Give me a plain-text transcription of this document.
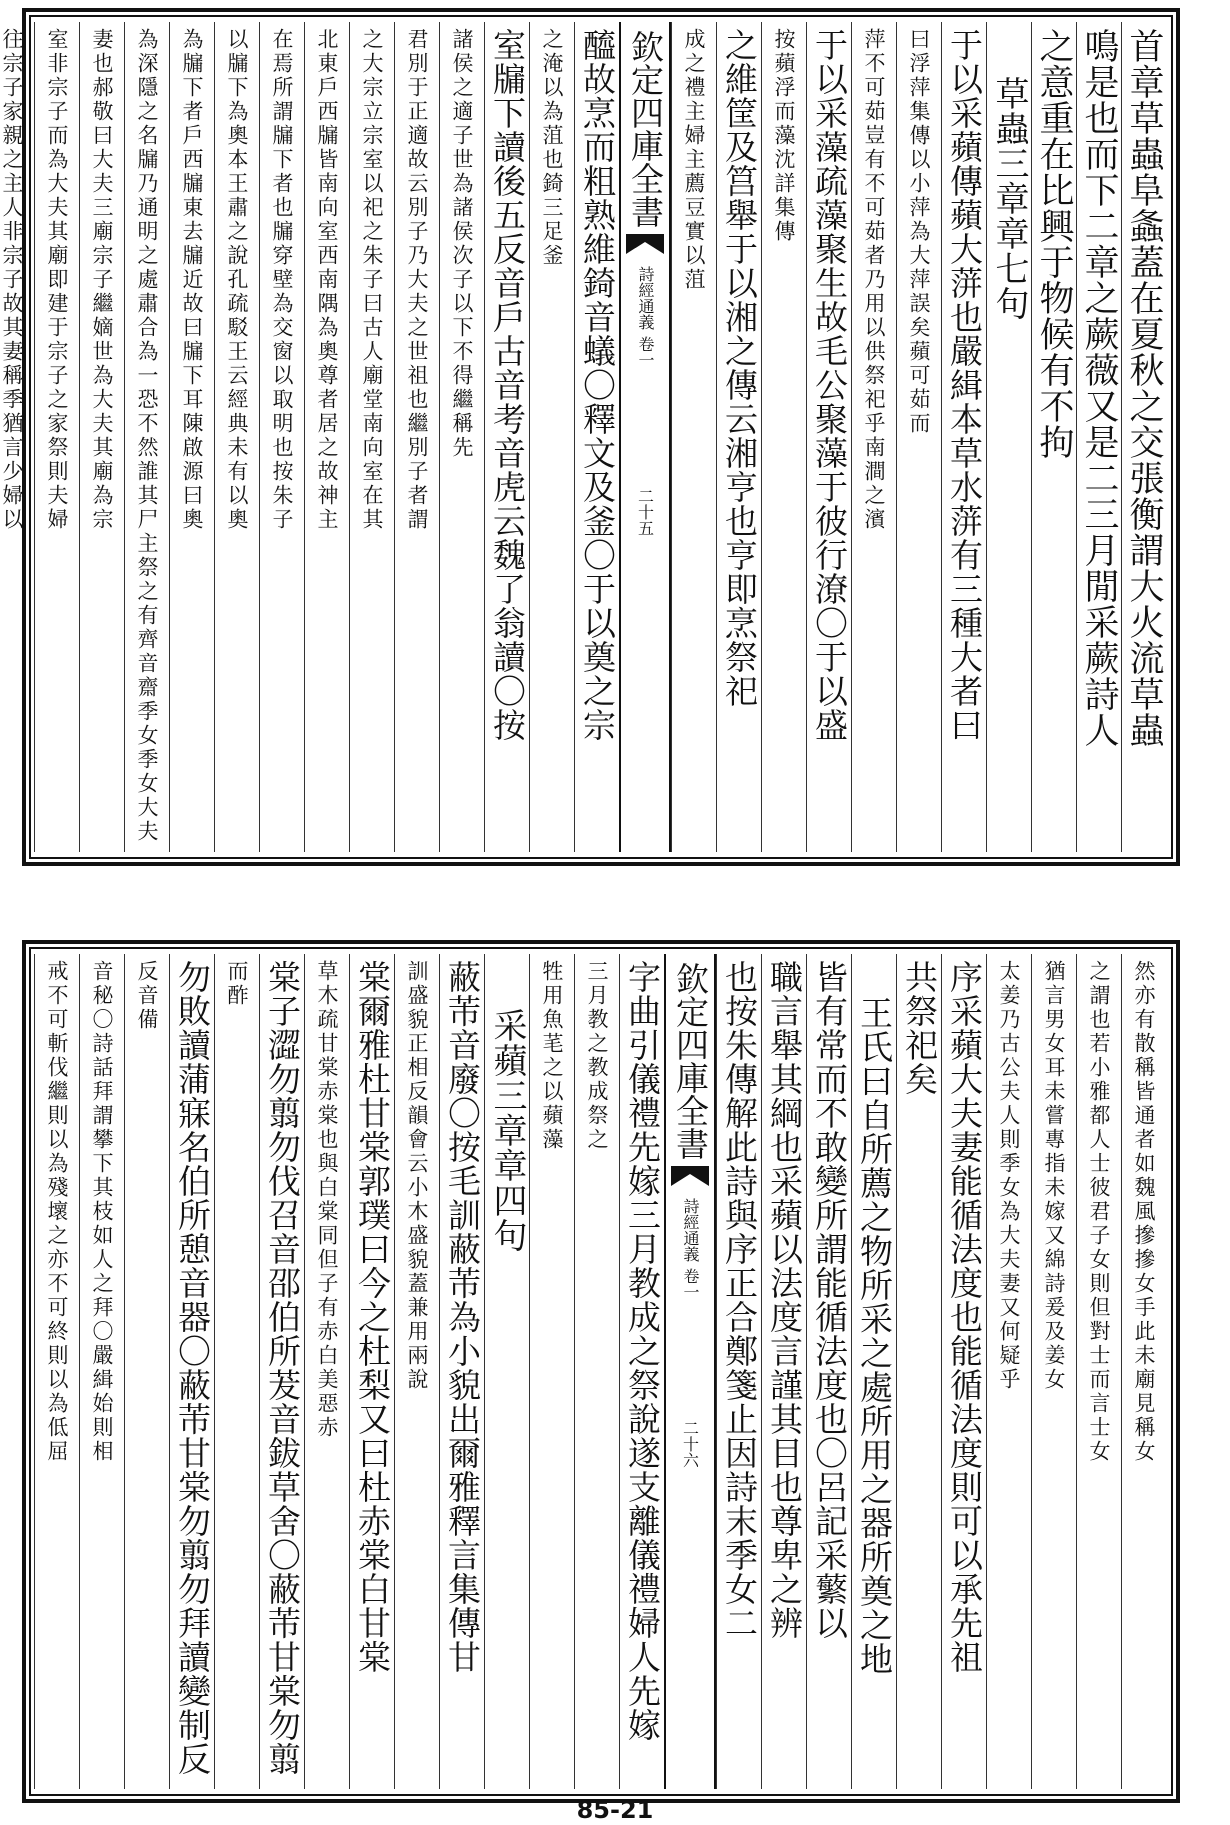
首章草蟲阜螽蓋在夏秋之交張衡謂大火流草蟲
鳴是也而下二章之蕨薇又是二三月閒采蕨詩人
之意重在比興于物候有不拘
草蟲三章章七句
于以采蘋傳蘋大蓱也嚴緝本草水蓱有三種大者曰
曰浮萍集傳以小萍為大萍誤矣蘋可茹而
萍不可茹豈有不可茹者乃用以供祭祀乎南澗之濱
于以采藻疏藻聚生故毛公聚藻于彼行潦〇于以盛
按蘋浮而藻沈詳集傳
之維筐及筥舉于以湘之傳云湘亨也亨即烹祭祀
成之禮主婦主薦豆實以菹
欽定四庫全書
詩經通義
卷一
二十五
醯故烹而粗熟維錡音蟻〇釋文及釜〇于以奠之宗
之淹以為菹也錡三足釜
室牖下讀後五反音戶古音考音虎云魏了翁讀〇按
諸侯之適子世為諸侯次子以下不得繼稱先
君別于正適故云別子乃大夫之世祖也繼別子者謂
之大宗立宗室以祀之朱子曰古人廟堂南向室在其
北東戶西牖皆南向室西南隅為奧尊者居之故神主
在焉所謂牖下者也牖穿壁為交窗以取明也按朱子
以牖下為奧本王肅之說孔疏駁王云經典未有以奧
為牖下者戶西牖東去牖近故曰牖下耳陳啟源曰奧
為深隱之名牖乃通明之處肅合為一恐不然誰其尸主祭之有齊音齋季女季女大夫
妻也郝敬曰大夫三廟宗子繼嫡世為大夫其廟為宗
室非宗子而為大夫其廟即建于宗子之家祭則夫婦
往宗子家親之主人非宗子故其妻稱季猶言少婦以
然亦有散稱皆通者如魏風摻摻女手此未廟見稱女
之謂也若小雅都人士彼君子女則但對士而言士女
猶言男女耳未嘗專指未嫁又綿詩爰及姜女
太姜乃古公夫人則季女為大夫妻又何疑乎
序采蘋大夫妻能循法度也能循法度則可以承先祖
共祭祀矣
王氏曰自所薦之物所采之處所用之器所奠之地
皆有常而不敢變所謂能循法度也〇呂記采蘩以
職言舉其綱也采蘋以法度言謹其目也尊卑之辨
也按朱傳解此詩與序正合鄭箋止因詩末季女二
欽定四庫全書
詩經通義
卷一
二十六
字曲引儀禮先嫁三月教成之祭說遂支離儀禮婦人先嫁
三月教之教成祭之
牲用魚芼之以蘋藻
采蘋三章章四句
蔽芾音廢〇按毛訓蔽芾為小貌出爾雅釋言集傳甘
訓盛貌正相反韻會云小木盛貌蓋兼用兩說
棠爾雅杜甘棠郭璞曰今之杜梨又曰杜赤棠白甘棠
草木疏甘棠赤棠也與白棠同但子有赤白美惡赤
棠子澀勿翦勿伐召音邵伯所茇音鈸草舍〇蔽芾甘棠勿翦
而酢
勿敗讀蒲寐名伯所憩音器〇蔽芾甘棠勿翦勿拜讀變制反
反音備
音秘〇詩話拜謂攀下其枝如人之拜〇嚴緝始則相
戒不可斬伐繼則以為殘壞之亦不可終則以為低屈
85-21
